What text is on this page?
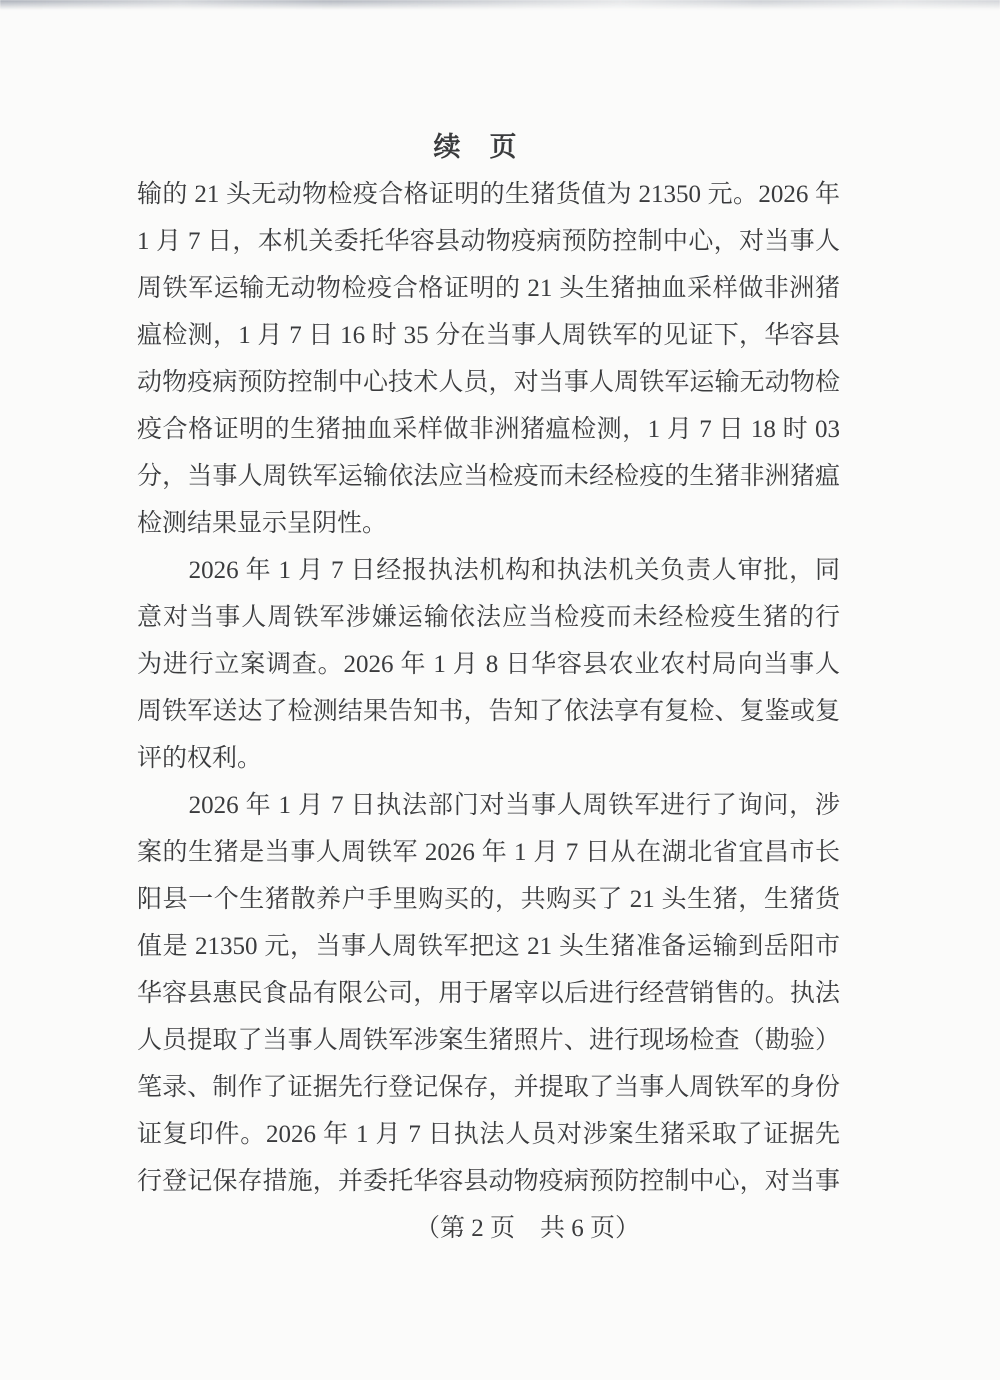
续　页
输的 21 头无动物检疫合格证明的生猪货值为 21350 元。2026 年
1 月 7 日，本机关委托华容县动物疫病预防控制中心，对当事人
周铁军运输无动物检疫合格证明的 21 头生猪抽血采样做非洲猪
瘟检测，1 月 7 日 16 时 35 分在当事人周铁军的见证下，华容县
动物疫病预防控制中心技术人员，对当事人周铁军运输无动物检
疫合格证明的生猪抽血采样做非洲猪瘟检测，1 月 7 日 18 时 03
分，当事人周铁军运输依法应当检疫而未经检疫的生猪非洲猪瘟
检测结果显示呈阴性。
　　2026 年 1 月 7 日经报执法机构和执法机关负责人审批，同
意对当事人周铁军涉嫌运输依法应当检疫而未经检疫生猪的行
为进行立案调查。2026 年 1 月 8 日华容县农业农村局向当事人
周铁军送达了检测结果告知书，告知了依法享有复检、复鉴或复
评的权利。
　　2026 年 1 月 7 日执法部门对当事人周铁军进行了询问，涉
案的生猪是当事人周铁军 2026 年 1 月 7 日从在湖北省宜昌市长
阳县一个生猪散养户手里购买的，共购买了 21 头生猪，生猪货
值是 21350 元，当事人周铁军把这 21 头生猪准备运输到岳阳市
华容县惠民食品有限公司，用于屠宰以后进行经营销售的。执法
人员提取了当事人周铁军涉案生猪照片、进行现场检查（勘验）
笔录、制作了证据先行登记保存，并提取了当事人周铁军的身份
证复印件。2026 年 1 月 7 日执法人员对涉案生猪采取了证据先
行登记保存措施，并委托华容县动物疫病预防控制中心，对当事
（第 2 页　共 6 页）
